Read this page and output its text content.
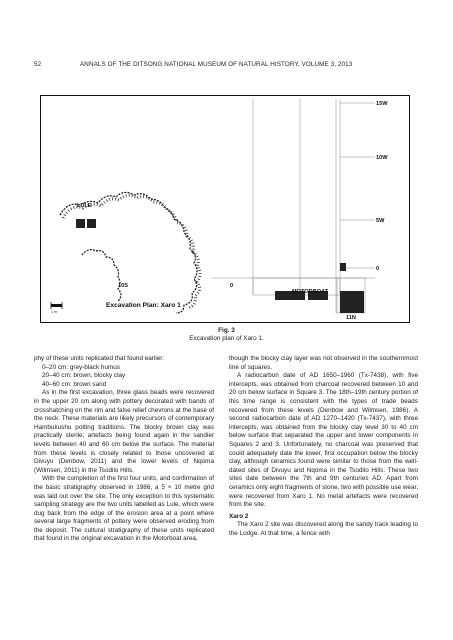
52	ANNALS OF THE DITSONG NATIONAL MUSEUM OF NATURAL HISTORY, VOLUME 3, 2013
15W
10W
5W
0
11N
10S	0
LULE
MOTORBOAT
Excavation Plan: Xaro 1
1 m
Fig. 3
Excavation plan of Xaro 1.

phy of these units replicated that found earlier:

0–20 cm: grey-black humus

20–40 cm: brown, blocky clay

40–60 cm: brown sand

As in the first excavation, three glass beads were recovered in the upper 20 cm along with pottery decorated with bands of crosshatching on the rim and false relief chevrons at the base of the neck. These materials are likely precursors of contemporary Hambukushu potting traditions. The blocky brown clay was practically sterile; artefacts being found again in the sandier levels between 40 and 60 cm below the surface. The material from these levels is closely related to those uncovered at Divuyu (Denbow, 2011) and the lower levels of Nqoma (Wilmsen, 2011) in the Tsodilo Hills.

With the completion of the first four units, and confirmation of the basic stratigraphy observed in 1986, a 5 × 10 metre grid was laid out over the site. The only exception to this systematic sampling strategy are the two units labelled as Lule, which were dug back from the edge of the erosion area at a point where several large fragments of pottery were observed eroding from the deposit. The cultural stratigraphy of these units replicated that found in the original excavation in the Motorboat area,

though the blocky clay layer was not observed in the southernmost line of squares.

A radiocarbon date of AD 1650–1960 (Tx-7438), with five intercepts, was obtained from charcoal recovered between 10 and 20 cm below surface in Square 3. The 18th–19th century portion of this time range is consistent with the types of trade beads recovered from these levels (Denbow and Wilmsen, 1986). A second radiocarbon date of AD 1270–1420 (Tx-7437), with three intercepts, was obtained from the blocky clay level 30 to 40 cm below surface that separated the upper and lower components in Squares 2 and 3. Unfortunately, no charcoal was preserved that could adequately date the lower, first occupation below the blocky clay, although ceramics found were similar to those from the well-dated sites of Divuyu and Nqoma in the Tsodilo Hills. These two sites date between the 7th and 9th centuries AD. Apart from ceramics only eight fragments of stone, two with possible use wear, were recovered from Xaro 1. No metal artefacts were recovered from the site.

Xaro 2

The Xaro 2 site was discovered along the sandy track leading to the Lodge. At that time, a fence with
